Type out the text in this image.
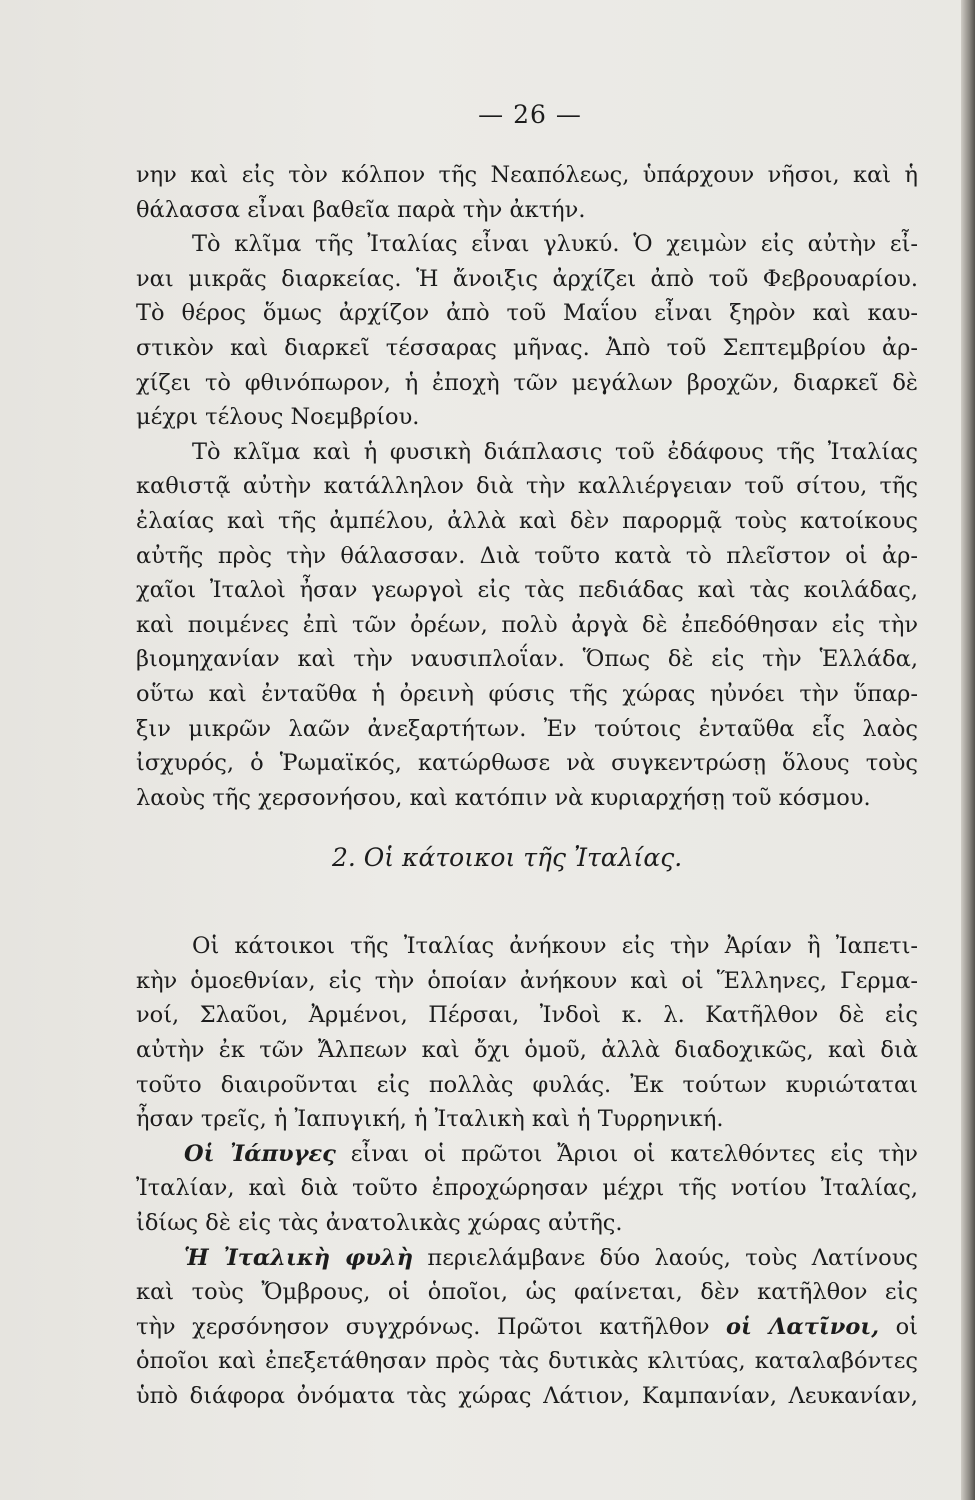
— 26 —
νην καὶ εἰς τὸν κόλπον τῆς Νεαπόλεως, ὑπάρχουν νῆσοι, καὶ ἡ
θάλασσα εἶναι βαθεῖα παρὰ τὴν ἀκτήν.
Τὸ κλῖμα τῆς Ἰταλίας εἶναι γλυκύ. Ὁ χειμὼν εἰς αὐτὴν εἶ-
ναι μικρᾶς διαρκείας. Ἡ ἄνοιξις ἀρχίζει ἀπὸ τοῦ Φεβρουαρίου.
Τὸ θέρος ὅμως ἀρχίζον ἀπὸ τοῦ Μαΐου εἶναι ξηρὸν καὶ καυ-
στικὸν καὶ διαρκεῖ τέσσαρας μῆνας. Ἀπὸ τοῦ Σεπτεμβρίου ἀρ-
χίζει τὸ φθινόπωρον, ἡ ἐποχὴ τῶν μεγάλων βροχῶν, διαρκεῖ δὲ
μέχρι τέλους Νοεμβρίου.
Τὸ κλῖμα καὶ ἡ φυσικὴ διάπλασις τοῦ ἐδάφους τῆς Ἰταλίας
καθιστᾷ αὐτὴν κατάλληλον διὰ τὴν καλλιέργειαν τοῦ σίτου, τῆς
ἐλαίας καὶ τῆς ἀμπέλου, ἀλλὰ καὶ δὲν παρορμᾷ τοὺς κατοίκους
αὐτῆς πρὸς τὴν θάλασσαν. Διὰ τοῦτο κατὰ τὸ πλεῖστον οἱ ἀρ-
χαῖοι Ἰταλοὶ ἦσαν γεωργοὶ εἰς τὰς πεδιάδας καὶ τὰς κοιλάδας,
καὶ ποιμένες ἐπὶ τῶν ὀρέων, πολὺ ἀργὰ δὲ ἐπεδόθησαν εἰς τὴν
βιομηχανίαν καὶ τὴν ναυσιπλοΐαν. Ὅπως δὲ εἰς τὴν Ἑλλάδα,
οὕτω καὶ ἐνταῦθα ἡ ὀρεινὴ φύσις τῆς χώρας ηὐνόει τὴν ὕπαρ-
ξιν μικρῶν λαῶν ἀνεξαρτήτων. Ἐν τούτοις ἐνταῦθα εἷς λαὸς
ἰσχυρός, ὁ Ῥωμαϊκός, κατώρθωσε νὰ συγκεντρώσῃ ὅλους τοὺς
λαοὺς τῆς χερσονήσου, καὶ κατόπιν νὰ κυριαρχήσῃ τοῦ κόσμου.
2. Οἱ κάτοικοι τῆς Ἰταλίας.
Οἱ κάτοικοι τῆς Ἰταλίας ἀνήκουν εἰς τὴν Ἀρίαν ἢ Ἰαπετι-
κὴν ὁμοεθνίαν, εἰς τὴν ὁποίαν ἀνήκουν καὶ οἱ Ἕλληνες, Γερμα-
νοί, Σλαῦοι, Ἀρμένοι, Πέρσαι, Ἰνδοὶ κ. λ. Κατῆλθον δὲ εἰς
αὐτὴν ἐκ τῶν Ἄλπεων καὶ ὄχι ὁμοῦ, ἀλλὰ διαδοχικῶς, καὶ διὰ
τοῦτο διαιροῦνται εἰς πολλὰς φυλάς. Ἐκ τούτων κυριώταται
ἦσαν τρεῖς, ἡ Ἰαπυγική, ἡ Ἰταλικὴ καὶ ἡ Τυρρηνική.
Οἱ Ἰάπυγες εἶναι οἱ πρῶτοι Ἄριοι οἱ κατελθόντες εἰς τὴν
Ἰταλίαν, καὶ διὰ τοῦτο ἐπροχώρησαν μέχρι τῆς νοτίου Ἰταλίας,
ἰδίως δὲ εἰς τὰς ἀνατολικὰς χώρας αὐτῆς.
Ἡ Ἰταλικὴ φυλὴ περιελάμβανε δύο λαούς, τοὺς Λατίνους
καὶ τοὺς Ὄμβρους, οἱ ὁποῖοι, ὡς φαίνεται, δὲν κατῆλθον εἰς
τὴν χερσόνησον συγχρόνως. Πρῶτοι κατῆλθον οἱ Λατῖνοι, οἱ
ὁποῖοι καὶ ἐπεξετάθησαν πρὸς τὰς δυτικὰς κλιτύας, καταλαβόντες
ὑπὸ διάφορα ὀνόματα τὰς χώρας Λάτιον, Καμπανίαν, Λευκανίαν,
